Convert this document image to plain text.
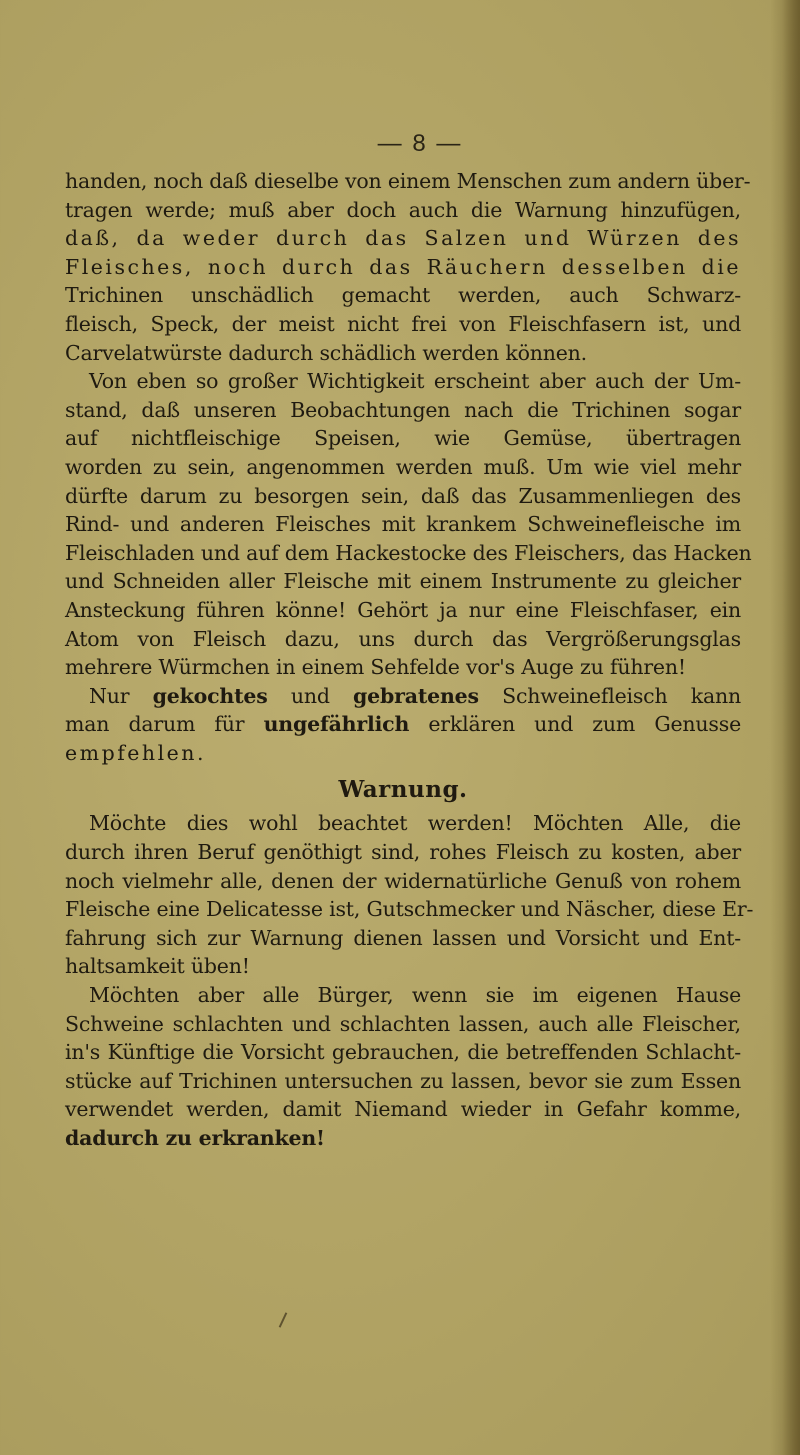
— 8 —
handen, noch daß dieselbe von einem Menschen zum andern über-
tragen werde; muß aber doch auch die Warnung hinzufügen,
daß, da weder durch das Salzen und Würzen des
Fleisches, noch durch das Räuchern desselben die
Trichinen unschädlich gemacht werden, auch Schwarz-
fleisch, Speck, der meist nicht frei von Fleischfasern ist, und
Carvelatwürste dadurch schädlich werden können.
Von eben so großer Wichtigkeit erscheint aber auch der Um-
stand, daß unseren Beobachtungen nach die Trichinen sogar
auf nichtfleischige Speisen, wie Gemüse, übertragen
worden zu sein, angenommen werden muß. Um wie viel mehr
dürfte darum zu besorgen sein, daß das Zusammenliegen des
Rind- und anderen Fleisches mit krankem Schweinefleische im
Fleischladen und auf dem Hackestocke des Fleischers, das Hacken
und Schneiden aller Fleische mit einem Instrumente zu gleicher
Ansteckung führen könne! Gehört ja nur eine Fleischfaser, ein
Atom von Fleisch dazu, uns durch das Vergrößerungsglas
mehrere Würmchen in einem Sehfelde vor's Auge zu führen!
Nur gekochtes und gebratenes Schweinefleisch kann
man darum für ungefährlich erklären und zum Genusse
empfehlen.
Warnung.
Möchte dies wohl beachtet werden! Möchten Alle, die
durch ihren Beruf genöthigt sind, rohes Fleisch zu kosten, aber
noch vielmehr alle, denen der widernatürliche Genuß von rohem
Fleische eine Delicatesse ist, Gutschmecker und Näscher, diese Er-
fahrung sich zur Warnung dienen lassen und Vorsicht und Ent-
haltsamkeit üben!
Möchten aber alle Bürger, wenn sie im eigenen Hause
Schweine schlachten und schlachten lassen, auch alle Fleischer,
in's Künftige die Vorsicht gebrauchen, die betreffenden Schlacht-
stücke auf Trichinen untersuchen zu lassen, bevor sie zum Essen
verwendet werden, damit Niemand wieder in Gefahr komme,
dadurch zu erkranken!
